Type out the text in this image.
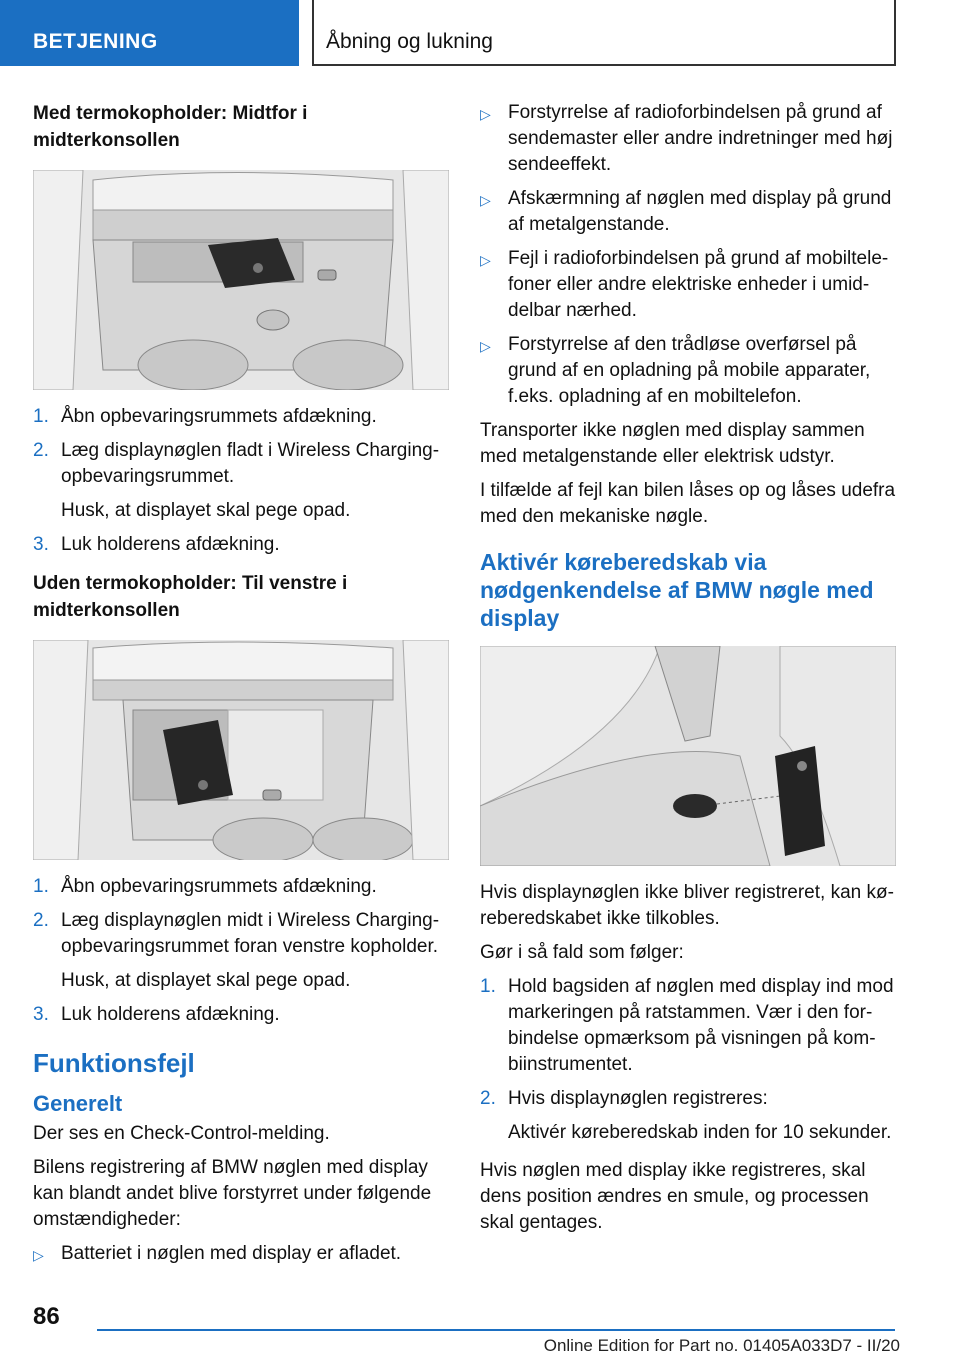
BETJENING	Åbning og lukning
Med termokopholder: Midtfor i midterkonsollen
1. Åbn opbevaringsrummets afdækning.
2. Læg displaynøglen fladt i Wireless Charging-opbevaringsrummet.
Husk, at displayet skal pege opad.
3. Luk holderens afdækning.
Uden termokopholder: Til venstre i midterkonsollen
1. Åbn opbevaringsrummets afdækning.
2. Læg displaynøglen midt i Wireless Charging-opbevaringsrummet foran venstre kopholder.
Husk, at displayet skal pege opad.
3. Luk holderens afdækning.
Funktionsfejl
Generelt

Der ses en Check-Control-melding.

Bilens registrering af BMW nøglen med display kan blandt andet blive forstyrret under følgende omstændigheder:

▷ Batteriet i nøglen med display er afladet.
▷ Forstyrrelse af radioforbindelsen på grund af sendemaster eller andre indretninger med høj sendeeffekt.
▷ Afskærmning af nøglen med display på grund af metalgenstande.
▷ Fejl i radioforbindelsen på grund af mobiltelefoner eller andre elektriske enheder i umiddelbar nærhed.
▷ Forstyrrelse af den trådløse overførsel på grund af en opladning på mobile apparater, f.eks. opladning af en mobiltelefon.

Transporter ikke nøglen med display sammen med metalgenstande eller elektrisk udstyr.

I tilfælde af fejl kan bilen låses op og låses udefra med den mekaniske nøgle.

Aktivér køreberedskab via nødgenkendelse af BMW nøgle med display

Hvis displaynøglen ikke bliver registreret, kan køreberedskabet ikke tilkobles.

Gør i så fald som følger:

1. Hold bagsiden af nøglen med display ind mod markeringen på ratstammen. Vær i den forbindelse opmærksom på visningen på kombiinstrumentet.
2. Hvis displaynøglen registreres:
Aktivér køreberedskab inden for 10 sekunder.

Hvis nøglen med display ikke registreres, skal dens position ændres en smule, og processen skal gentages.

86
Online Edition for Part no. 01405A033D7 - II/20
